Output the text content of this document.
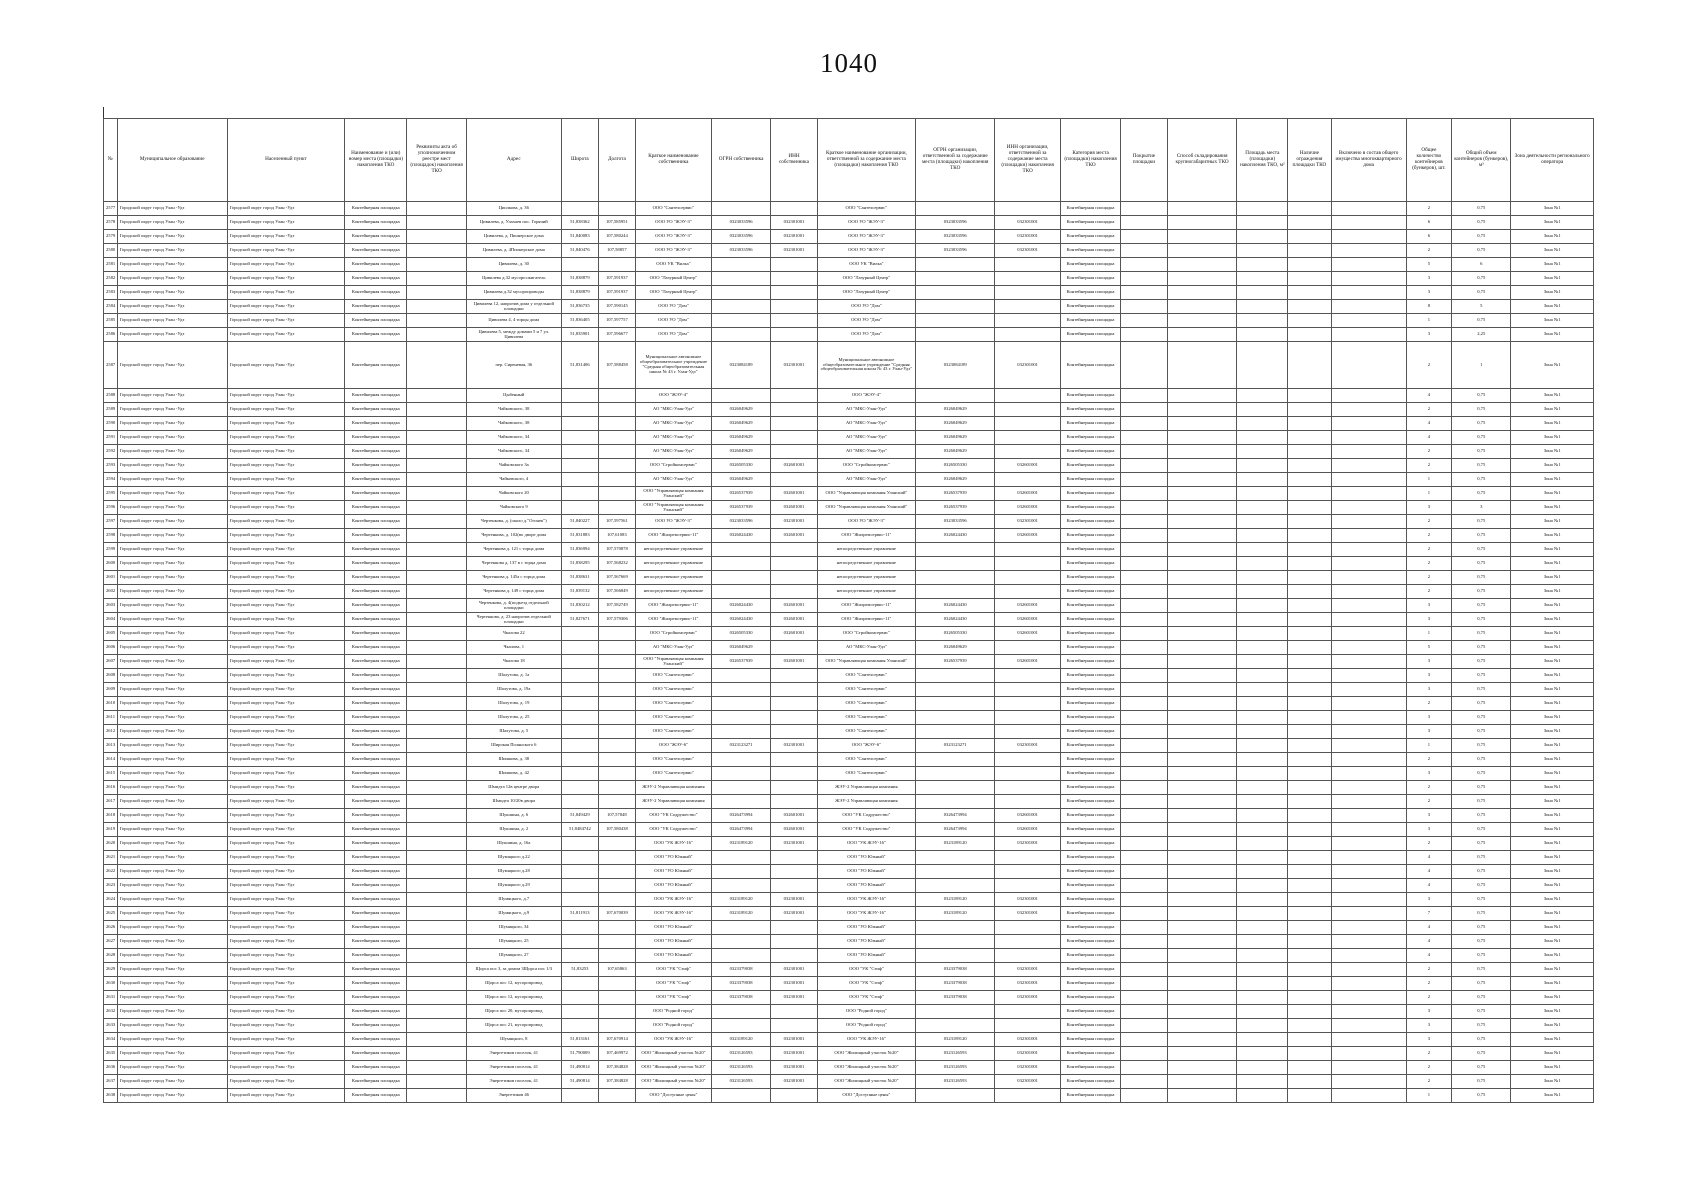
1040
№	Муниципальное образование	Населенный пункт	Наименование и (или) номер места (площадки) накопления ТКО	Реквизиты акта об уполномоченном реестре мест (площадок) накопления ТКО	Адрес	Широта	Долгота	Краткое наименование собственника	ОГРН собственника	ИНН собственника	Краткое наименование организации, ответственной за содержание места (площадки) накопления ТКО	ОГРН организации, ответственной за содержание места (площадки) накопления ТКО	ИНН организации, ответственной за содержание места (площадки) накопления ТКО	Категория места (площадки) накопления ТКО	Покрытие площадки	Способ складирования крупногабаритных ТКО	Площадь места (площадки) накопления ТКО, м²	Наличие ограждения площадки ТКО	Включено в состав общего имущества многоквартирного дома	Общее количество контейнеров (бункеров), шт.	Общий объем контейнеров (бункеров), м³	Зона деятельности регионального оператора
2577	Городской округ город Улан -Удэ	Городской округ город Улан -Удэ	Контейнерная площадка		Циолкова, д. 36			ООО "Сантехсервис"			ООО "Сантехсервис"			Контейнерная площадка						2	0,75	Зона №1
2578	Городской округ город Улан -Удэ	Городской округ город Улан -Удэ	Контейнерная площадка		Цивилева, д. Улахаев пос. Горячий	51,838362	107,585951	ООО УО "ЖЭУ-3"	0323033596	032301001	ООО УО "ЖЭУ-3"	0323033596	032301001	Контейнерная площадка						6	0,75	Зона №1
2579	Городской округ город Улан -Удэ	Городской округ город Улан -Удэ	Контейнерная площадка		Цивилева, д. Пионерское дома	51,840083	107,580244	ООО УО "ЖЭУ-3"	0323033596	032301001	ООО УО "ЖЭУ-3"	0323033596	032301001	Контейнерная площадка						6	0,75	Зона №1
2580	Городской округ город Улан -Удэ	Городской округ город Улан -Удэ	Контейнерная площадка		Цивилева, д. 4Пионерское дома	51,840476	107,58857	ООО УО "ЖЭУ-3"	0323033596	032301001	ООО УО "ЖЭУ-3"	0323033596	032301001	Контейнерная площадка						2	0,75	Зона №1
2581	Городской округ город Улан -Удэ	Городской округ город Улан -Удэ	Контейнерная площадка		Цивилева, д. 30			ООО УК "Вилка"			ООО УК "Вилка"			Контейнерная площадка						5	6	Зона №1
2582	Городской округ город Улан -Удэ	Городской округ город Улан -Удэ	Контейнерная площадка		Цивилева д.32 мусоросжигатель	51,838879	107,591937	ООО "Лазурный Центр"			ООО "Лазурный Центр"			Контейнерная площадка						3	0,75	Зона №1
2583	Городской округ город Улан -Удэ	Городской округ город Улан -Удэ	Контейнерная площадка		Цивилева д.32 мусоропроводы	51,838879	107,591937	ООО "Лазурный Центр"			ООО "Лазурный Центр"			Контейнерная площадка						3	0,75	Зона №1
2584	Городской округ город Улан -Удэ	Городской округ город Улан -Удэ	Контейнерная площадка		Цивилева 12, напротив дома у отдельной площадки	51,836735	107,590145	ООО УО "Дом"			ООО УО "Дом"			Контейнерная площадка						8	5	Зона №1
2585	Городской округ город Улан -Удэ	Городской округ город Улан -Удэ	Контейнерная площадка		Цивилева 4, 4 торцы дома	51,836405	107,597757	ООО УО "Дом"			ООО УО "Дом"			Контейнерная площадка						1	0,75	Зона №1
2586	Городской округ город Улан -Удэ	Городской округ город Улан -Удэ	Контейнерная площадка		Цивилева 5, между домами 5 и 7 ул. Цивилева	51,835901	107,596677	ООО УО "Дом"			ООО УО "Дом"			Контейнерная площадка						3	2,25	Зона №1
2587	Городской округ город Улан -Удэ	Городской округ город Улан -Удэ	Контейнерная площадка		пер. Сиреневая, 36	51,831406	107,588458	Муниципальное автономное общеобразовательное учреждение "Средняя общеобразовательная школа № 43 г. Улан-Удэ"	0323084189	032301001	Муниципальное автономное общеобразовательное учреждение "Средняя общеобразовательная школа № 43 г. Улан-Удэ"	0323084189	032301001	Контейнерная площадка						2	1	Зона №1
2588	Городской округ город Улан -Удэ	Городской округ город Улан -Удэ	Контейнерная площадка		Цыбенный			ООО "ЖЭУ-4"			ООО "ЖЭУ-4"			Контейнерная площадка						4	0,75	Зона №1
2589	Городской округ город Улан -Удэ	Городской округ город Улан -Удэ	Контейнерная площадка		Чайковского, 38			АО "МКС-Улан-Удэ"	0326049629		АО "МКС-Улан-Удэ"	0326049629		Контейнерная площадка						2	0,75	Зона №1
2590	Городской округ город Улан -Удэ	Городской округ город Улан -Удэ	Контейнерная площадка		Чайковского, 38			АО "МКС-Улан-Удэ"	0326049629		АО "МКС-Улан-Удэ"	0326049629		Контейнерная площадка						4	0,75	Зона №1
2591	Городской округ город Улан -Удэ	Городской округ город Улан -Удэ	Контейнерная площадка		Чайковского, 34			АО "МКС-Улан-Удэ"	0326049629		АО "МКС-Улан-Удэ"	0326049629		Контейнерная площадка						4	0,75	Зона №1
2592	Городской округ город Улан -Удэ	Городской округ город Улан -Удэ	Контейнерная площадка		Чайковского, 34			АО "МКС-Улан-Удэ"	0326049629		АО "МКС-Улан-Удэ"	0326049629		Контейнерная площадка						2	0,75	Зона №1
2593	Городской округ город Улан -Удэ	Городской округ город Улан -Удэ	Контейнерная площадка		Чайковского 3а			ООО "Стройкомсервис"	0326505330	032601001	ООО "Стройкомсервис"	0326505330	032601001	Контейнерная площадка						2	0,75	Зона №1
2594	Городской округ город Улан -Удэ	Городской округ город Улан -Удэ	Контейнерная площадка		Чайковского, 4			АО "МКС-Улан-Удэ"	0326049629		АО "МКС-Улан-Удэ"	0326049629		Контейнерная площадка						1	0,75	Зона №1
2595	Городской округ город Улан -Удэ	Городской округ город Улан -Удэ	Контейнерная площадка		Чайковского 20			ООО "Управляющая компания Уланский"	0326537939	032601001	ООО "Управляющая компания Уланский"	0326537939	032601001	Контейнерная площадка						1	0,75	Зона №1
2596	Городской округ город Улан -Удэ	Городской округ город Улан -Удэ	Контейнерная площадка		Чайковского 9			ООО "Управляющая компания Уланский"	0326537939	032601001	ООО "Управляющая компания Уланский"	0326537939	032601001	Контейнерная площадка						3	3	Зона №1
2597	Городской округ город Улан -Удэ	Городской округ город Улан -Удэ	Контейнерная площадка		Чертенкова, д. (около д."Огонек")	51,840227	107,597561	ООО УО "ЖЭУ-3"	0323033596	032301001	ООО УО "ЖЭУ-3"	0323033596	032301001	Контейнерная площадка						2	0,75	Зона №1
2598	Городской округ город Улан -Удэ	Городской округ город Улан -Удэ	Контейнерная площадка		Чертенкова, д. 102(во дворе дома	51,831883	107,61083	ООО "Жилремсервис-11"	0326024430	032601001	ООО "Жилремсервис-11"	0326024430	032601001	Контейнерная площадка						2	0,75	Зона №1
2599	Городской округ город Улан -Удэ	Городской округ город Улан -Удэ	Контейнерная площадка		Чертенкова д. 121 с торца дома	51,836994	107,570878	непосредственное управление			непосредственное управление			Контейнерная площадка						2	0,75	Зона №1
2600	Городской округ город Улан -Удэ	Городской округ город Улан -Удэ	Контейнерная площадка		Чертенкова д. 137 в с торца дома	51,838295	107,568232	непосредственное управление			непосредственное управление			Контейнерная площадка						2	0,75	Зона №1
2601	Городской округ город Улан -Удэ	Городской округ город Улан -Удэ	Контейнерная площадка		Чертенкова д. 145а с торца дома	51,838631	107,567669	непосредственное управление			непосредственное управление			Контейнерная площадка						2	0,75	Зона №1
2602	Городской округ город Улан -Удэ	Городской округ город Улан -Удэ	Контейнерная площадка		Чертенкова д. 149 с торца дома	51,839132	107,566849	непосредственное управление			непосредственное управление			Контейнерная площадка						2	0,75	Зона №1
2603	Городской округ город Улан -Удэ	Городской округ город Улан -Удэ	Контейнерная площадка		Чертенкова, д. 4(подъезд отдельной площадки	51,830212	107,582749	ООО "Жилремсервис-11"	0326024430	032601001	ООО "Жилремсервис-11"	0326024430	032601001	Контейнерная площадка						3	0,75	Зона №1
2604	Городской округ город Улан -Удэ	Городской округ город Улан -Удэ	Контейнерная площадка		Чертенкова, д. 23 напротив отдельной площадки	51,827671	107,579306	ООО "Жилремсервис-11"	0326024430	032601001	ООО "Жилремсервис-11"	0326024430	032601001	Контейнерная площадка						3	0,75	Зона №1
2605	Городской округ город Улан -Удэ	Городской округ город Улан -Удэ	Контейнерная площадка		Чкалова 22			ООО "Стройкомсервис"	0326505330	032601001	ООО "Стройкомсервис"	0326505330	032601001	Контейнерная площадка						1	0,75	Зона №1
2606	Городской округ город Улан -Удэ	Городской округ город Улан -Удэ	Контейнерная площадка		Чкалова, 1			АО "МКС-Улан-Удэ"	0326049629		АО "МКС-Улан-Удэ"	0326049629		Контейнерная площадка						5	0,75	Зона №1
2607	Городской округ город Улан -Удэ	Городской округ город Улан -Удэ	Контейнерная площадка		Чкалова 18			ООО "Управляющая компания Уланский"	0326537939	032601001	ООО "Управляющая компания Уланский"	0326537939	032601001	Контейнерная площадка						3	0,75	Зона №1
2608	Городской округ город Улан -Удэ	Городской округ город Улан -Удэ	Контейнерная площадка		Шалутова, д. 1а			ООО "Сантехсервис"			ООО "Сантехсервис"			Контейнерная площадка						3	0,75	Зона №1
2609	Городской округ город Улан -Удэ	Городской округ город Улан -Удэ	Контейнерная площадка		Шалутова, д. 19а			ООО "Сантехсервис"			ООО "Сантехсервис"			Контейнерная площадка						3	0,75	Зона №1
2610	Городской округ город Улан -Удэ	Городской округ город Улан -Удэ	Контейнерная площадка		Шалутова, д. 19			ООО "Сантехсервис"			ООО "Сантехсервис"			Контейнерная площадка						2	0,75	Зона №1
2611	Городской округ город Улан -Удэ	Городской округ город Улан -Удэ	Контейнерная площадка		Шалутова, д. 25			ООО "Сантехсервис"			ООО "Сантехсервис"			Контейнерная площадка						3	0,75	Зона №1
2612	Городской округ город Улан -Удэ	Городской округ город Улан -Удэ	Контейнерная площадка		Шалутова, д. 5			ООО "Сантехсервис"			ООО "Сантехсервис"			Контейнерная площадка						3	0,75	Зона №1
2613	Городской округ город Улан -Удэ	Городской округ город Улан -Удэ	Контейнерная площадка		Широкая Полянского 6			ООО "ЖЭУ-6"	0323123271	032301001	ООО "ЖЭУ-6"	0323123271	032301001	Контейнерная площадка						1	0,75	Зона №1
2614	Городской округ город Улан -Удэ	Городской округ город Улан -Удэ	Контейнерная площадка		Шишкова, д. 38			ООО "Сантехсервис"			ООО "Сантехсервис"			Контейнерная площадка						2	0,75	Зона №1
2615	Городской округ город Улан -Удэ	Городской округ город Улан -Удэ	Контейнерная площадка		Шишкова, д. 42			ООО "Сантехсервис"			ООО "Сантехсервис"			Контейнерная площадка						3	0,75	Зона №1
2616	Городской округ город Улан -Удэ	Городской округ город Улан -Удэ	Контейнерная площадка		Шмидта 12в центре двора			ЖЭУ-2 Управляющая компания			ЖЭУ-2 Управляющая компания			Контейнерная площадка						2	0,75	Зона №1
2617	Городской округ город Улан -Удэ	Городской округ город Улан -Удэ	Контейнерная площадка		Шмидта 10/20в двора			ЖЭУ-2 Управляющая компания			ЖЭУ-2 Управляющая компания			Контейнерная площадка						2	0,75	Зона №1
2618	Городской округ город Улан -Удэ	Городской округ город Улан -Удэ	Контейнерная площадка		Шукшина, д. 6	51,849429	107,57848	ООО "УК Содружество"	0326473994	032601001	ООО "УК Содружество"	0326473994	032601001	Контейнерная площадка						3	0,75	Зона №1
2619	Городской округ город Улан -Удэ	Городской округ город Улан -Удэ	Контейнерная площадка		Шукшина, д. 2	51,8484742	107,580438	ООО "УК Содружество"	0326473994	032601001	ООО "УК Содружество"	0326473994	032601001	Контейнерная площадка						3	0,75	Зона №1
2620	Городской округ город Улан -Удэ	Городской округ город Улан -Удэ	Контейнерная площадка		Шукшина, д. 16а			ООО "УК ЖЭУ-16"	0323189120	032301001	ООО "УК ЖЭУ-16"	0323189120	032301001	Контейнерная площадка						2	0,75	Зона №1
2621	Городской округ город Улан -Удэ	Городской округ город Улан -Удэ	Контейнерная площадка		Шумяцкого д.22			ООО "УО Южный"			ООО "УО Южный"			Контейнерная площадка						4	0,75	Зона №1
2622	Городской округ город Улан -Удэ	Городской округ город Улан -Удэ	Контейнерная площадка		Шумяцкого д.28			ООО "УО Южный"			ООО "УО Южный"			Контейнерная площадка						4	0,75	Зона №1
2623	Городской округ город Улан -Удэ	Городской округ город Улан -Удэ	Контейнерная площадка		Шумяцкого д.29			ООО "УО Южный"			ООО "УО Южный"			Контейнерная площадка						4	0,75	Зона №1
2624	Городской округ город Улан -Удэ	Городской округ город Улан -Удэ	Контейнерная площадка		Шумяцкого, д.7			ООО "УК ЖЭУ-16"	0323189120	032301001	ООО "УК ЖЭУ-16"	0323189120	032301001	Контейнерная площадка						3	0,75	Зона №1
2625	Городской округ город Улан -Удэ	Городской округ город Улан -Удэ	Контейнерная площадка		Шумяцкого, д.9	51,811913	107,670039	ООО "УК ЖЭУ-16"	0323189120	032301001	ООО "УК ЖЭУ-16"	0323189120	032301001	Контейнерная площадка						7	0,75	Зона №1
2626	Городской округ город Улан -Удэ	Городской округ город Улан -Удэ	Контейнерная площадка		Шумяцкого, 34			ООО "УО Южный"			ООО "УО Южный"			Контейнерная площадка						4	0,75	Зона №1
2627	Городской округ город Улан -Удэ	Городской округ город Улан -Удэ	Контейнерная площадка		Шумяцкого, 25			ООО "УО Южный"			ООО "УО Южный"			Контейнерная площадка						4	0,75	Зона №1
2628	Городской округ город Улан -Удэ	Городской округ город Улан -Удэ	Контейнерная площадка		Шумяцкого, 27			ООО "УО Южный"			ООО "УО Южный"			Контейнерная площадка						4	0,75	Зона №1
2629	Городской округ город Улан -Удэ	Городской округ город Улан -Удэ	Контейнерная площадка		Щорса пос 3, за домом 3Щорса пос 1/3	51,83253	107,65863	ООО "УК "Стиф"	0323379038	032301001	ООО "УК "Стиф"	0323379038	032301001	Контейнерная площадка						2	0,75	Зона №1
2630	Городской округ город Улан -Удэ	Городской округ город Улан -Удэ	Контейнерная площадка		Щорса пос 12, мусоропровод			ООО "УК "Стиф"	0323379038	032301001	ООО "УК "Стиф"	0323379038	032301001	Контейнерная площадка						2	0,75	Зона №1
2631	Городской округ город Улан -Удэ	Городской округ город Улан -Удэ	Контейнерная площадка		Щорса пос 12, мусоропровод			ООО "УК "Стиф"	0323379038	032301001	ООО "УК "Стиф"	0323379038	032301001	Контейнерная площадка						2	0,75	Зона №1
2632	Городской округ город Улан -Удэ	Городской округ город Улан -Удэ	Контейнерная площадка		Щорса пос 20, мусоропровод			ООО "Родной город"			ООО "Родной город"			Контейнерная площадка						3	0,75	Зона №1
2633	Городской округ город Улан -Удэ	Городской округ город Улан -Удэ	Контейнерная площадка		Щорса пос 21, мусоропровод			ООО "Родной город"			ООО "Родной город"			Контейнерная площадка						3	0,75	Зона №1
2634	Городской округ город Улан -Удэ	Городской округ город Улан -Удэ	Контейнерная площадка		Шумяцкого, 8	51,813161	107,670914	ООО "УК ЖЭУ-16"	0323189120	032301001	ООО "УК ЖЭУ-16"	0323189120	032301001	Контейнерная площадка						3	0,75	Зона №1
2635	Городской округ город Улан -Удэ	Городской округ город Улан -Удэ	Контейнерная площадка		Энергетиков поселок, 41	51,790009	107,469972	ООО "Жилищный участок №20"	0323126593	032301001	ООО "Жилищный участок №20"	0323126593	032301001	Контейнерная площадка						2	0,75	Зона №1
2636	Городской округ город Улан -Удэ	Городской округ город Улан -Удэ	Контейнерная площадка		Энергетиков поселок, 41	51,490814	107,384828	ООО "Жилищный участок №20"	0323126593	032301001	ООО "Жилищный участок №20"	0323126593	032301001	Контейнерная площадка						2	0,75	Зона №1
2637	Городской округ город Улан -Удэ	Городской округ город Улан -Удэ	Контейнерная площадка		Энергетиков поселок, 41	51,490814	107,384828	ООО "Жилищный участок №20"	0323126593	032301001	ООО "Жилищный участок №20"	0323126593	032301001	Контейнерная площадка						2	0,75	Зона №1
2638	Городской округ город Улан -Удэ	Городской округ город Улан -Удэ	Контейнерная площадка		Энергетиков 46			ООО "Доступные цены"			ООО "Доступные цены"			Контейнерная площадка						1	0,75	Зона №1
